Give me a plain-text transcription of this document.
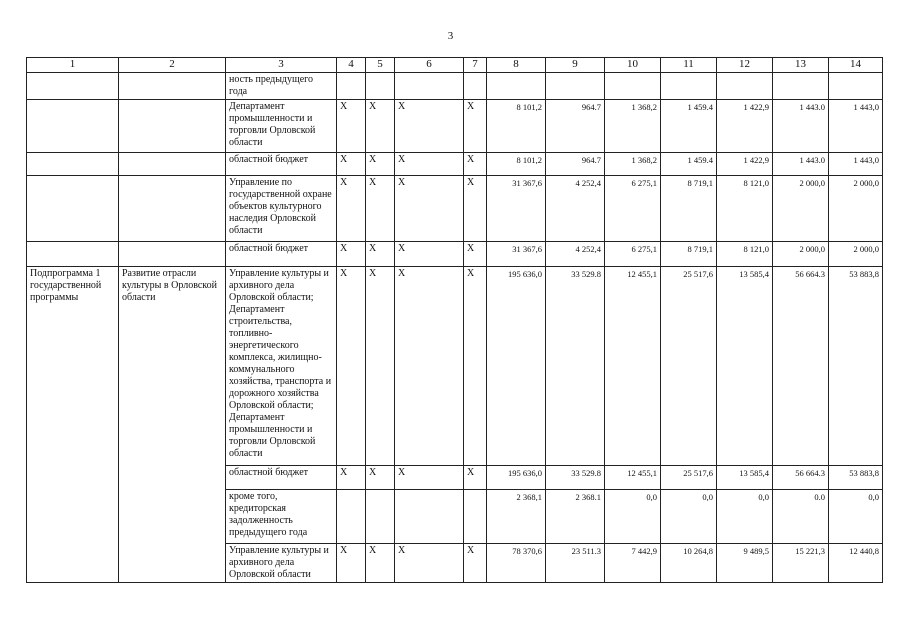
3
1	2	3	4	5	6	7	8	9	10	11	12	13	14
		ность предыдущего года											
		Департамент промышленности и торговли Орловской области	X	X	X	X	8 101,2	964.7	1 368,2	1 459.4	1 422,9	1 443.0	1 443,0
		областной бюджет	X	X	X	X	8 101,2	964.7	1 368,2	1 459.4	1 422,9	1 443.0	1 443,0
		Управление по государственной охране объектов культурного наследия Орловской области	X	X	X	X	31 367,6	4 252,4	6 275,1	8 719,1	8 121,0	2 000,0	2 000,0
		областной бюджет	X	X	X	X	31 367,6	4 252,4	6 275,1	8 719,1	8 121,0	2 000,0	2 000,0
Подпрограмма 1 государственной программы	Развитие отрасли культуры в Орловской области	Управление культуры и архивного дела Орловской области; Департамент строительства, топливно-энергетического комплекса, жилищно-коммунального хозяйства, транспорта и дорожного хозяйства Орловской области; Департамент промышленности и торговли Орловской области	X	X	X	X	195 636,0	33 529.8	12 455,1	25 517,6	13 585,4	56 664.3	53 883,8
		областной бюджет	X	X	X	X	195 636,0	33 529.8	12 455,1	25 517,6	13 585,4	56 664.3	53 883,8
		кроме того, кредиторская задолженность предыдущего года					2 368,1	2 368.1	0,0	0,0	0,0	0.0	0,0
		Управление культуры и архивного дела Орловской области	X	X	X	X	78 370,6	23 511.3	7 442,9	10 264,8	9 489,5	15 221,3	12 440,8
